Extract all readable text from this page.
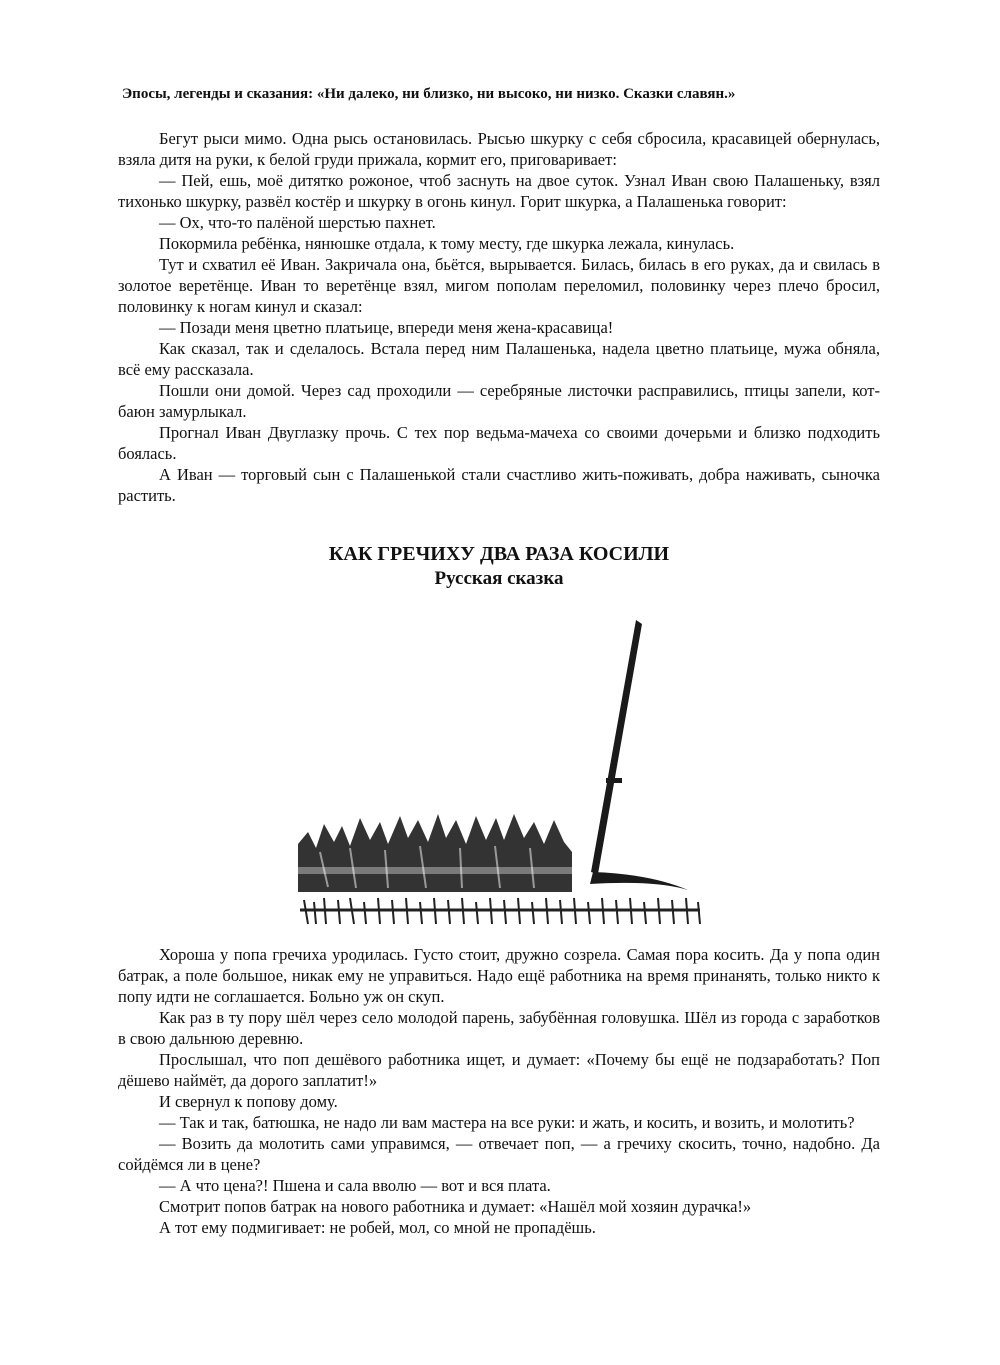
Эпосы, легенды и сказания: «Ни далеко, ни близко, ни высоко, ни низко. Сказки славян.»

Бегут рыси мимо. Одна рысь остановилась. Рысью шкурку с себя сбросила, красавицей обернулась, взяла дитя на руки, к белой груди прижала, кормит его, приговаривает:

— Пей, ешь, моё дитятко рожоное, чтоб заснуть на двое суток. Узнал Иван свою Палашеньку, взял тихонько шкурку, развёл костёр и шкурку в огонь кинул. Горит шкурка, а Палашенька говорит:

— Ох, что-то палёной шерстью пахнет.

Покормила ребёнка, нянюшке отдала, к тому месту, где шкурка лежала, кинулась.

Тут и схватил её Иван. Закричала она, бьётся, вырывается. Билась, билась в его руках, да и свилась в золотое веретёнце. Иван то веретёнце взял, мигом пополам переломил, половинку через плечо бросил, половинку к ногам кинул и сказал:

— Позади меня цветно платьице, впереди меня жена-красавица!

Как сказал, так и сделалось. Встала перед ним Палашенька, надела цветно платьице, мужа обняла, всё ему рассказала.

Пошли они домой. Через сад проходили — серебряные листочки расправились, птицы запели, кот-баюн замурлыкал.

Прогнал Иван Двуглазку прочь. С тех пор ведьма-мачеха со своими дочерьми и близко подходить боялась.

А Иван — торговый сын с Палашенькой стали счастливо жить-поживать, добра наживать, сыночка растить.

КАК ГРЕЧИХУ ДВА РАЗА КОСИЛИ
Русская сказка

Хороша у попа гречиха уродилась. Густо стоит, дружно созрела. Самая пора косить. Да у попа один батрак, а поле большое, никак ему не управиться. Надо ещё работника на время принанять, только никто к попу идти не соглашается. Больно уж он скуп.

Как раз в ту пору шёл через село молодой парень, забубённая головушка. Шёл из города с заработков в свою дальнюю деревню.

Прослышал, что поп дешёвого работника ищет, и думает: «Почему бы ещё не подзаработать? Поп дёшево наймёт, да дорого заплатит!»

И свернул к попову дому.

— Так и так, батюшка, не надо ли вам мастера на все руки: и жать, и косить, и возить, и молотить?

— Возить да молотить сами управимся, — отвечает поп, — а гречиху скосить, точно, надобно. Да сойдёмся ли в цене?

— А что цена?! Пшена и сала вволю — вот и вся плата.

Смотрит попов батрак на нового работника и думает: «Нашёл мой хозяин дурачка!»

А тот ему подмигивает: не робей, мол, со мной не пропадёшь.
